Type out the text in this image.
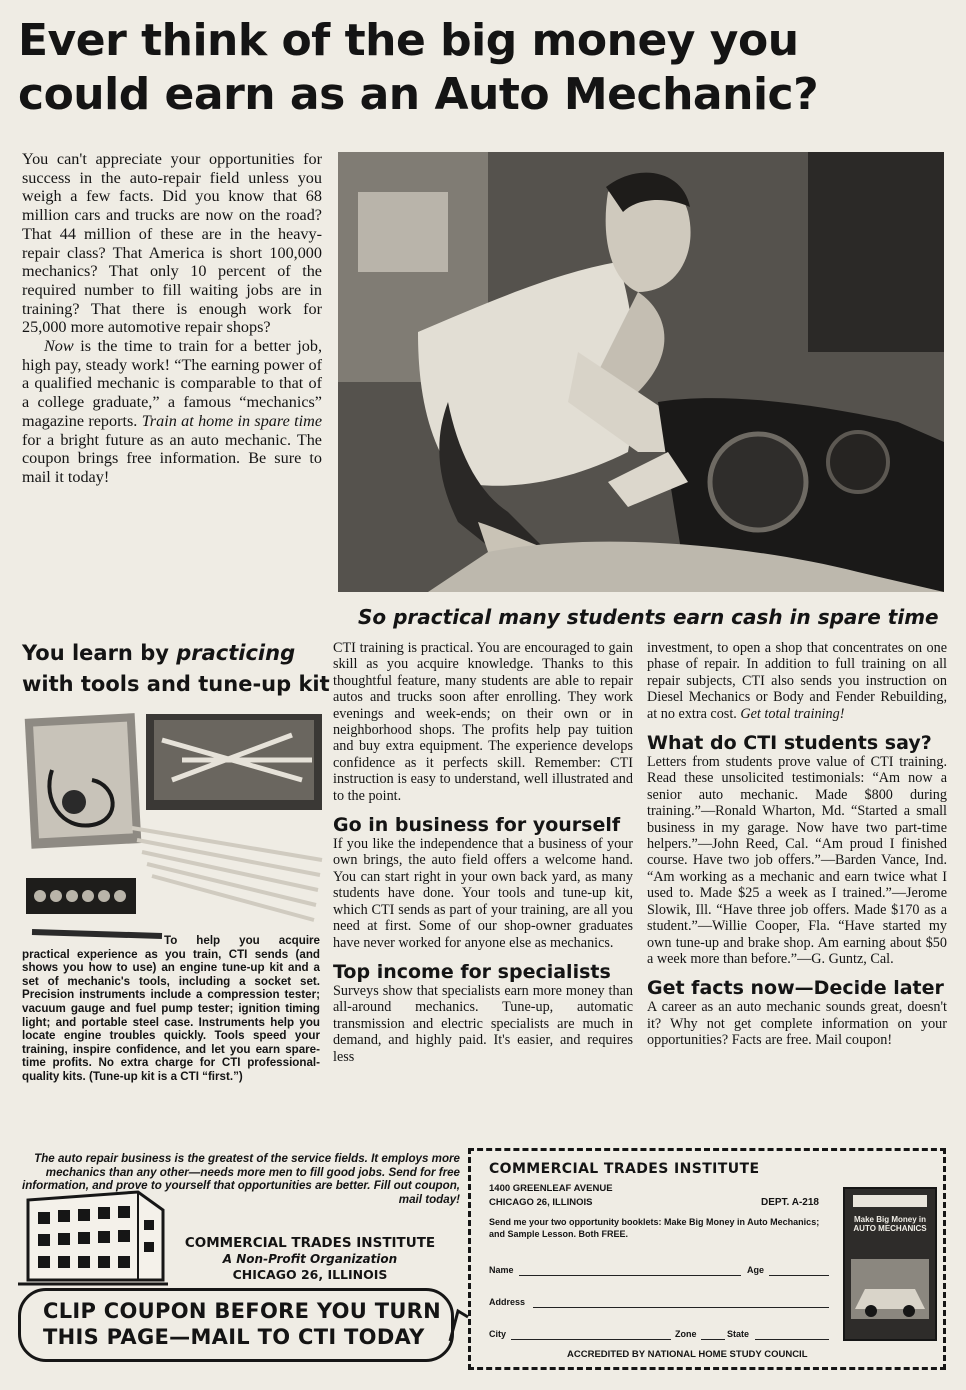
Ever think of the big money you
could earn as an Auto Mechanic?

You can't appreciate your opportunities for success in the auto-repair field unless you weigh a few facts. Did you know that 68 million cars and trucks are now on the road? That 44 million of these are in the heavy-repair class? That America is short 100,000 mechanics? That only 10 percent of the required number to fill waiting jobs are in training? That there is enough work for 25,000 more automotive repair shops?

Now is the time to train for a better job, high pay, steady work! “The earning power of a qualified mechanic is comparable to that of a college graduate,” a famous “mechanics” magazine reports. Train at home in spare time for a bright future as an auto mechanic. The coupon brings free information. Be sure to mail it today!

So practical many students earn cash in spare time
You learn by practicing
with tools and tune-up kit
To help you acquire practical experience as you train, CTI sends (and shows you how to use) an engine tune-up kit and a set of mechanic's tools, including a socket set. Precision instruments include a compression tester; vacuum gauge and fuel pump tester; ignition timing light; and portable steel case. Instruments help you locate engine troubles quickly. Tools speed your training, inspire confidence, and let you earn spare-time profits. No extra charge for CTI professional-quality kits. (Tune-up kit is a CTI “first.”)

CTI training is practical. You are encouraged to gain skill as you acquire knowledge. Thanks to this thoughtful feature, many students are able to repair autos and trucks soon after enrolling. They work evenings and week-ends; on their own or in neighborhood shops. The profits help pay tuition and buy extra equipment. The experience develops confidence as it perfects skill. Remember: CTI instruction is easy to understand, well illustrated and to the point.

Go in business for yourself

If you like the independence that a business of your own brings, the auto field offers a welcome hand. You can start right in your own back yard, as many students have done. Your tools and tune-up kit, which CTI sends as part of your training, are all you need at first. Some of our shop-owner graduates have never worked for anyone else as mechanics.

Top income for specialists

Surveys show that specialists earn more money than all-around mechanics. Tune-up, automatic transmission and electric specialists are much in demand, and highly paid. It's easier, and requires less

investment, to open a shop that concentrates on one phase of repair. In addition to full training on all repair subjects, CTI also sends you instruction on Diesel Mechanics or Body and Fender Rebuilding, at no extra cost. Get total training!

What do CTI students say?

Letters from students prove value of CTI training. Read these unsolicited testimonials: “Am now a senior auto mechanic. Made $800 during training.”—Ronald Wharton, Md. “Started a small business in my garage. Now have two part-time helpers.”—John Reed, Cal. “Am proud I finished course. Have two job offers.”—Barden Vance, Ind. “Am working as a mechanic and earn twice what I used to. Made $25 a week as I trained.”—Jerome Slowik, Ill. “Have three job offers. Made $170 as a student.”—Willie Cooper, Fla. “Have started my own tune-up and brake shop. Am earning about $50 a week more than before.”—G. Guntz, Cal.

Get facts now—Decide later

A career as an auto mechanic sounds great, doesn't it? Why not get complete information on your opportunities? Facts are free. Mail coupon!

The auto repair business is the greatest of the service fields. It employs more mechanics than any other—needs more men to fill good jobs. Send for free information, and prove to yourself that opportunities are better. Fill out coupon, mail today!
COMMERCIAL TRADES INSTITUTE
A Non-Profit Organization
CHICAGO 26, ILLINOIS
CLIP COUPON BEFORE YOU TURN
THIS PAGE—MAIL TO CTI TODAY
COMMERCIAL TRADES INSTITUTE
1400 GREENLEAF AVENUE
CHICAGO 26, ILLINOIS	DEPT. A-218
Send me your two opportunity booklets: Make Big Money in Auto Mechanics; and Sample Lesson. Both FREE.
Name	Age
Address
City	Zone	State
ACCREDITED BY NATIONAL HOME STUDY COUNCIL
Make Big Money in AUTO MECHANICS
